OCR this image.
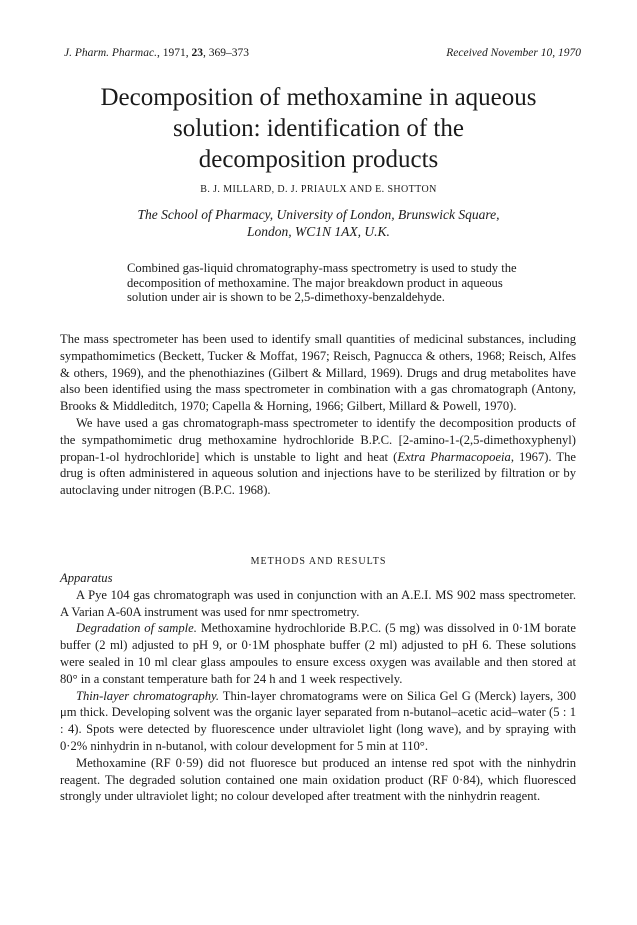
J. Pharm. Pharmac., 1971, 23, 369–373	Received November 10, 1970
Decomposition of methoxamine in aqueous
solution: identification of the
decomposition products
B. J. MILLARD, D. J. PRIAULX AND E. SHOTTON
The School of Pharmacy, University of London, Brunswick Square,
London, WC1N 1AX, U.K.
Combined gas-liquid chromatography-mass spectrometry is used to study the decomposition of methoxamine. The major breakdown product in aqueous solution under air is shown to be 2,5-dimethoxy-benzaldehyde.

The mass spectrometer has been used to identify small quantities of medicinal substances, including sympathomimetics (Beckett, Tucker & Moffat, 1967; Reisch, Pagnucca & others, 1968; Reisch, Alfes & others, 1969), and the phenothiazines (Gilbert & Millard, 1969). Drugs and drug metabolites have also been identified using the mass spectrometer in combination with a gas chromatograph (Antony, Brooks & Middleditch, 1970; Capella & Horning, 1966; Gilbert, Millard & Powell, 1970).

We have used a gas chromatograph-mass spectrometer to identify the decomposition products of the sympathomimetic drug methoxamine hydrochloride B.P.C. [2-amino-1-(2,5-dimethoxyphenyl) propan-1-ol hydrochloride] which is unstable to light and heat (Extra Pharmacopoeia, 1967). The drug is often administered in aqueous solution and injections have to be sterilized by filtration or by autoclaving under nitrogen (B.P.C. 1968).

METHODS AND RESULTS

Apparatus

A Pye 104 gas chromatograph was used in conjunction with an A.E.I. MS 902 mass spectrometer. A Varian A-60A instrument was used for nmr spectrometry.

Degradation of sample. Methoxamine hydrochloride B.P.C. (5 mg) was dissolved in 0·1M borate buffer (2 ml) adjusted to pH 9, or 0·1M phosphate buffer (2 ml) adjusted to pH 6. These solutions were sealed in 10 ml clear glass ampoules to ensure excess oxygen was available and then stored at 80° in a constant temperature bath for 24 h and 1 week respectively.

Thin-layer chromatography. Thin-layer chromatograms were on Silica Gel G (Merck) layers, 300 μm thick. Developing solvent was the organic layer separated from n-butanol–acetic acid–water (5 : 1 : 4). Spots were detected by fluorescence under ultraviolet light (long wave), and by spraying with 0·2% ninhydrin in n-butanol, with colour development for 5 min at 110°.

Methoxamine (RF 0·59) did not fluoresce but produced an intense red spot with the ninhydrin reagent. The degraded solution contained one main oxidation product (RF 0·84), which fluoresced strongly under ultraviolet light; no colour developed after treatment with the ninhydrin reagent.
